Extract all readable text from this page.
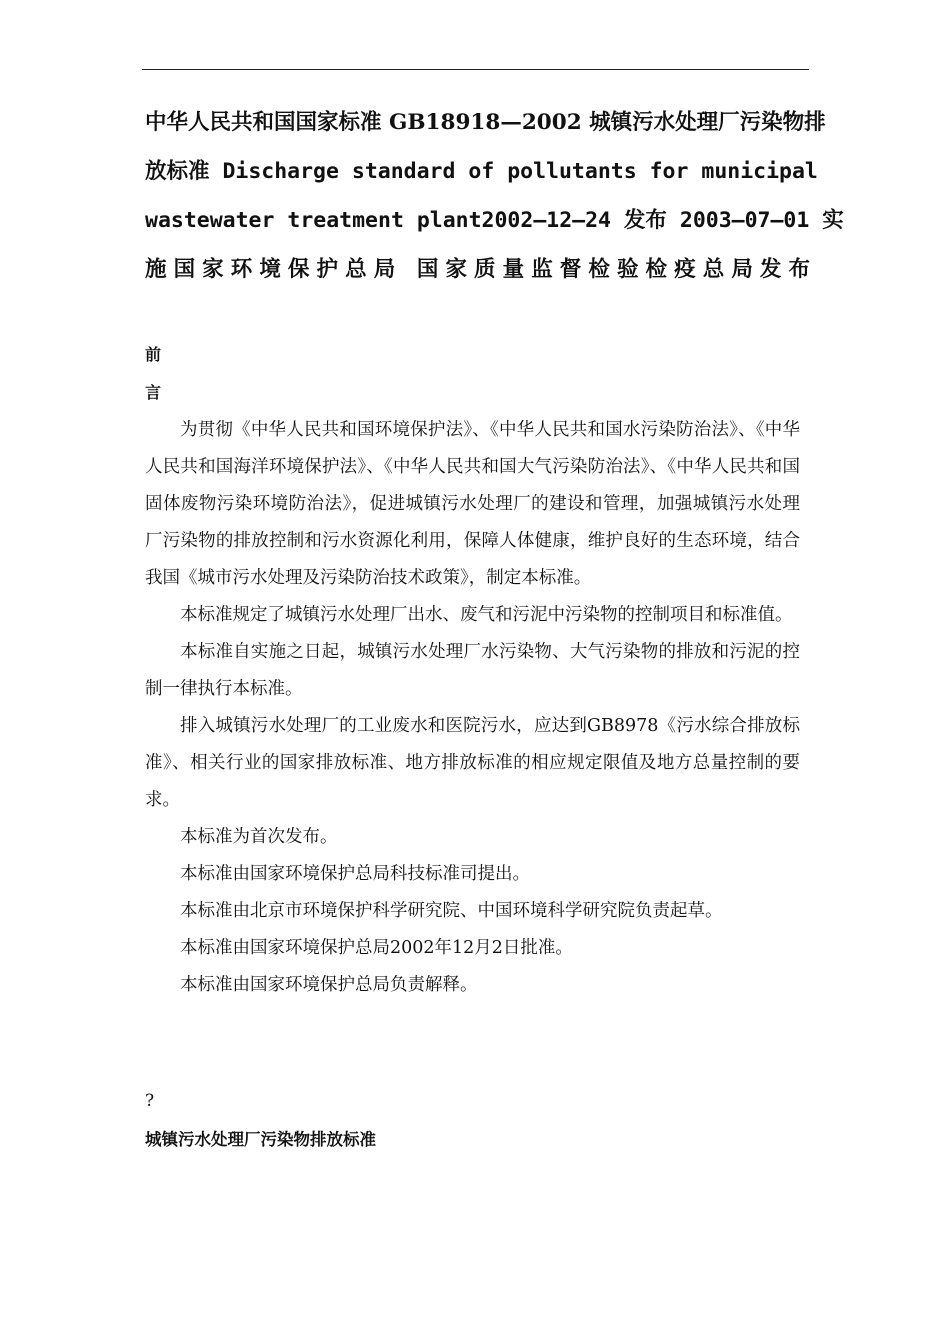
中华人民共和国国家标准 GB18918—2002 城镇污水处理厂污染物排
放标准 Discharge standard of pollutants for municipal
wastewater treatment plant2002—12—24 发布 2003—07—01 实
施国家环境保护总局 国家质量监督检验检疫总局发布
前
言

为贯彻《中华人民共和国环境保护法》、《中华人民共和国水污染防治法》、《中华人民共和国海洋环境保护法》、《中华人民共和国大气污染防治法》、《中华人民共和国固体废物污染环境防治法》，促进城镇污水处理厂的建设和管理，加强城镇污水处理厂污染物的排放控制和污水资源化利用，保障人体健康，维护良好的生态环境，结合我国《城市污水处理及污染防治技术政策》，制定本标准。

本标准规定了城镇污水处理厂出水、废气和污泥中污染物的控制项目和标准值。

本标准自实施之日起，城镇污水处理厂水污染物、大气污染物的排放和污泥的控制一律执行本标准。

排入城镇污水处理厂的工业废水和医院污水，应达到GB8978《污水综合排放标准》、相关行业的国家排放标准、地方排放标准的相应规定限值及地方总量控制的要求。

本标准为首次发布。

本标准由国家环境保护总局科技标准司提出。

本标准由北京市环境保护科学研究院、中国环境科学研究院负责起草。

本标准由国家环境保护总局2002年12月2日批准。

本标准由国家环境保护总局负责解释。

?
城镇污水处理厂污染物排放标准
